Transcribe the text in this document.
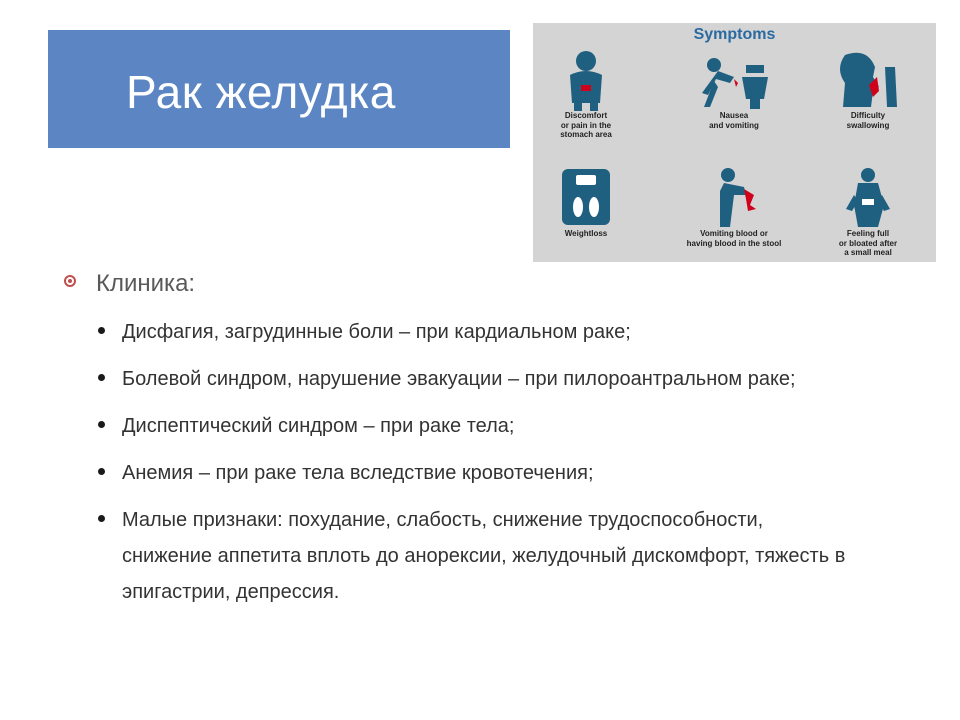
Рак желудка
Symptoms
Discomfort
or pain in the
stomach area
Nausea
and vomiting
Difficulty
swallowing
Weightloss	Vomiting blood or
having blood in the stool
Feeling full
or bloated after
a small meal
Клиника:
Дисфагия, загрудинные боли – при кардиальном раке;
Болевой синдром, нарушение эвакуации – при пилороантральном раке;
Диспептический синдром – при раке тела;
Анемия – при раке тела вследствие кровотечения;
Малые признаки: похудание, слабость, снижение трудоспособности, снижение аппетита вплоть до анорексии, желудочный дискомфорт, тяжесть в эпигастрии, депрессия.
